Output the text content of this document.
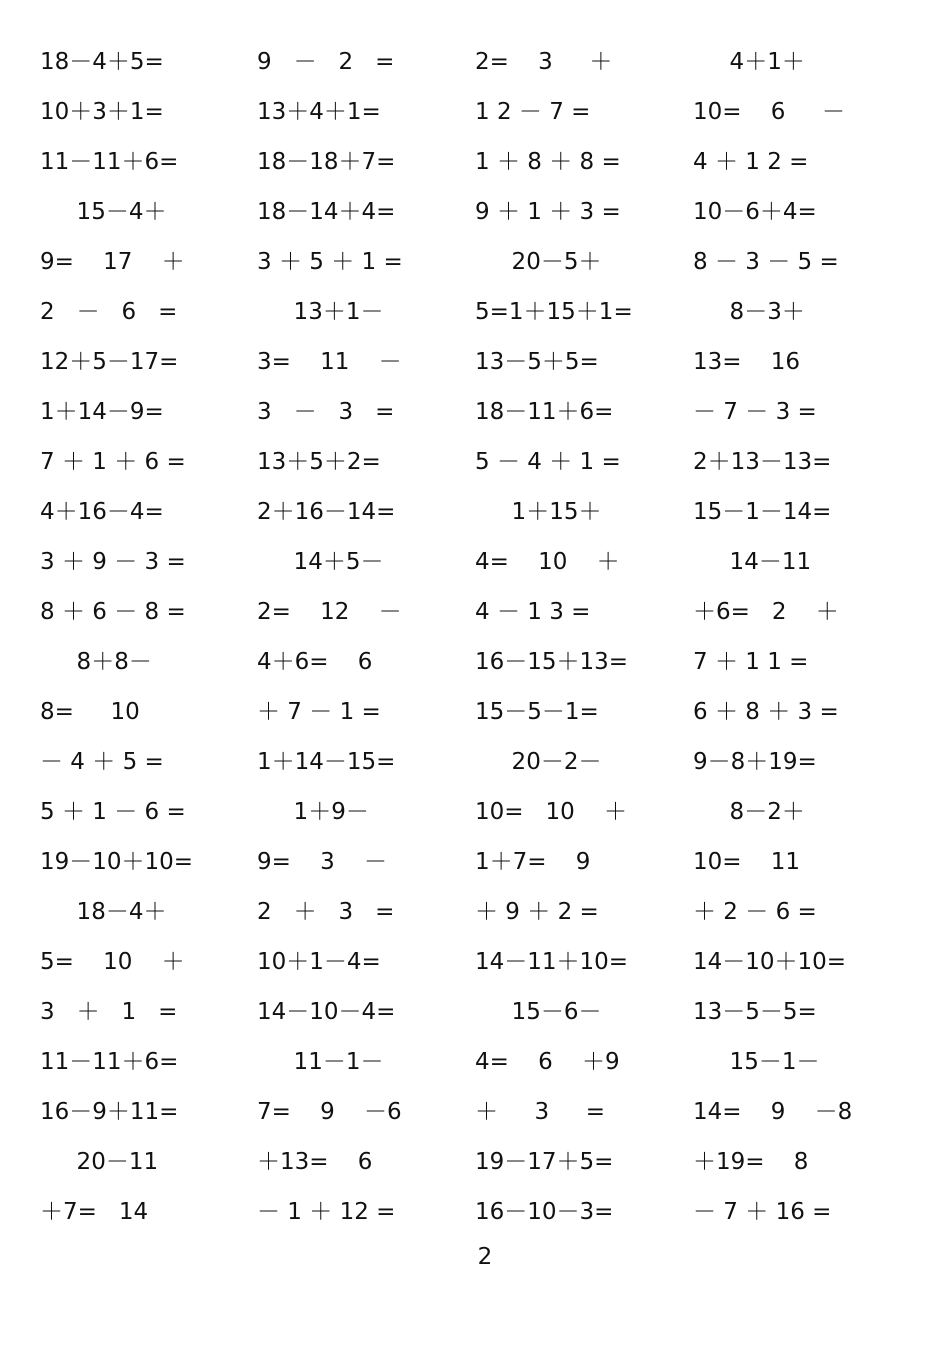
18－4＋5=
10＋3＋1=
11－11＋6=
15－4＋
9=    17    ＋
2   －   6   =
12＋5－17=
1＋14－9=
7 ＋ 1 ＋ 6 =
4＋16－4=
3 ＋ 9 － 3 =
8 ＋ 6 － 8 =
8＋8－
8=     10
－ 4 ＋ 5 =
5 ＋ 1 － 6 =
19－10＋10=
18－4＋
5=    10    ＋
3   ＋   1   =
11－11＋6=
16－9＋11=
20－11
＋7=   14
9   －   2   =
13＋4＋1=
18－18＋7=
18－14＋4=
3 ＋ 5 ＋ 1 =
13＋1－
3=    11    －
3   －   3   =
13＋5＋2=
2＋16－14=
14＋5－
2=    12    －
4＋6=    6
＋ 7 － 1 =
1＋14－15=
1＋9－
9=    3    －
2   ＋   3   =
10＋1－4=
14－10－4=
11－1－
7=    9    －6
＋13=    6
－ 1 ＋ 12 =
2=    3     ＋
1 2 － 7 =
1 ＋ 8 ＋ 8 =
9 ＋ 1 ＋ 3 =
20－5＋
5=1＋15＋1=
13－5＋5=
18－11＋6=
5 － 4 ＋ 1 =
1＋15＋
4=    10    ＋
4 － 1 3 =
16－15＋13=
15－5－1=
20－2－
10=   10    ＋
1＋7=    9
＋ 9 ＋ 2 =
14－11＋10=
15－6－
4=    6    ＋9
＋     3     =
19－17＋5=
16－10－3=
4＋1＋
10=    6     －
4 ＋ 1 2 =
10－6＋4=
8 － 3 － 5 =
8－3＋
13=    16
－ 7 － 3 =
2＋13－13=
15－1－14=
14－11
＋6=   2    ＋
7 ＋ 1 1 =
6 ＋ 8 ＋ 3 =
9－8＋19=
8－2＋
10=    11
＋ 2 － 6 =
14－10＋10=
13－5－5=
15－1－
14=    9    －8
＋19=    8
－ 7 ＋ 16 =
2
